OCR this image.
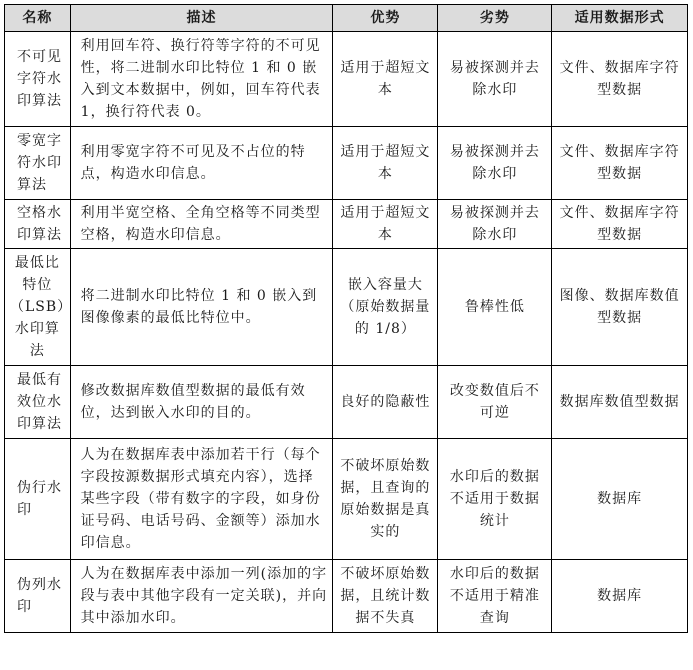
名称	描述	优势	劣势	适用数据形式
不可见字符水印算法	利用回车符、换行符等字符的不可见性，将二进制水印比特位 1 和 0 嵌入到文本数据中，例如，回车符代表 1，换行符代表 0。	适用于超短文本	易被探测并去除水印	文件、数据库字符型数据
零宽字符水印算法	利用零宽字符不可见及不占位的特点，构造水印信息。	适用于超短文本	易被探测并去除水印	文件、数据库字符型数据
空格水印算法	利用半宽空格、全角空格等不同类型空格，构造水印信息。	适用于超短文本	易被探测并去除水印	文件、数据库字符型数据
最低比特位（LSB）水印算法	将二进制水印比特位 1 和 0 嵌入到图像像素的最低比特位中。	嵌入容量大（原始数据量的 1/8）	鲁棒性低	图像、数据库数值型数据
最低有效位水印算法	修改数据库数值型数据的最低有效位，达到嵌入水印的目的。	良好的隐蔽性	改变数值后不可逆	数据库数值型数据
伪行水印	人为在数据库表中添加若干行（每个字段按源数据形式填充内容），选择某些字段（带有数字的字段，如身份证号码、电话号码、金额等）添加水印信息。	不破坏原始数据，且查询的原始数据是真实的	水印后的数据不适用于数据统计	数据库
伪列水印	人为在数据库表中添加一列(添加的字段与表中其他字段有一定关联)，并向其中添加水印。	不破坏原始数据，且统计数据不失真	水印后的数据不适用于精准查询	数据库
